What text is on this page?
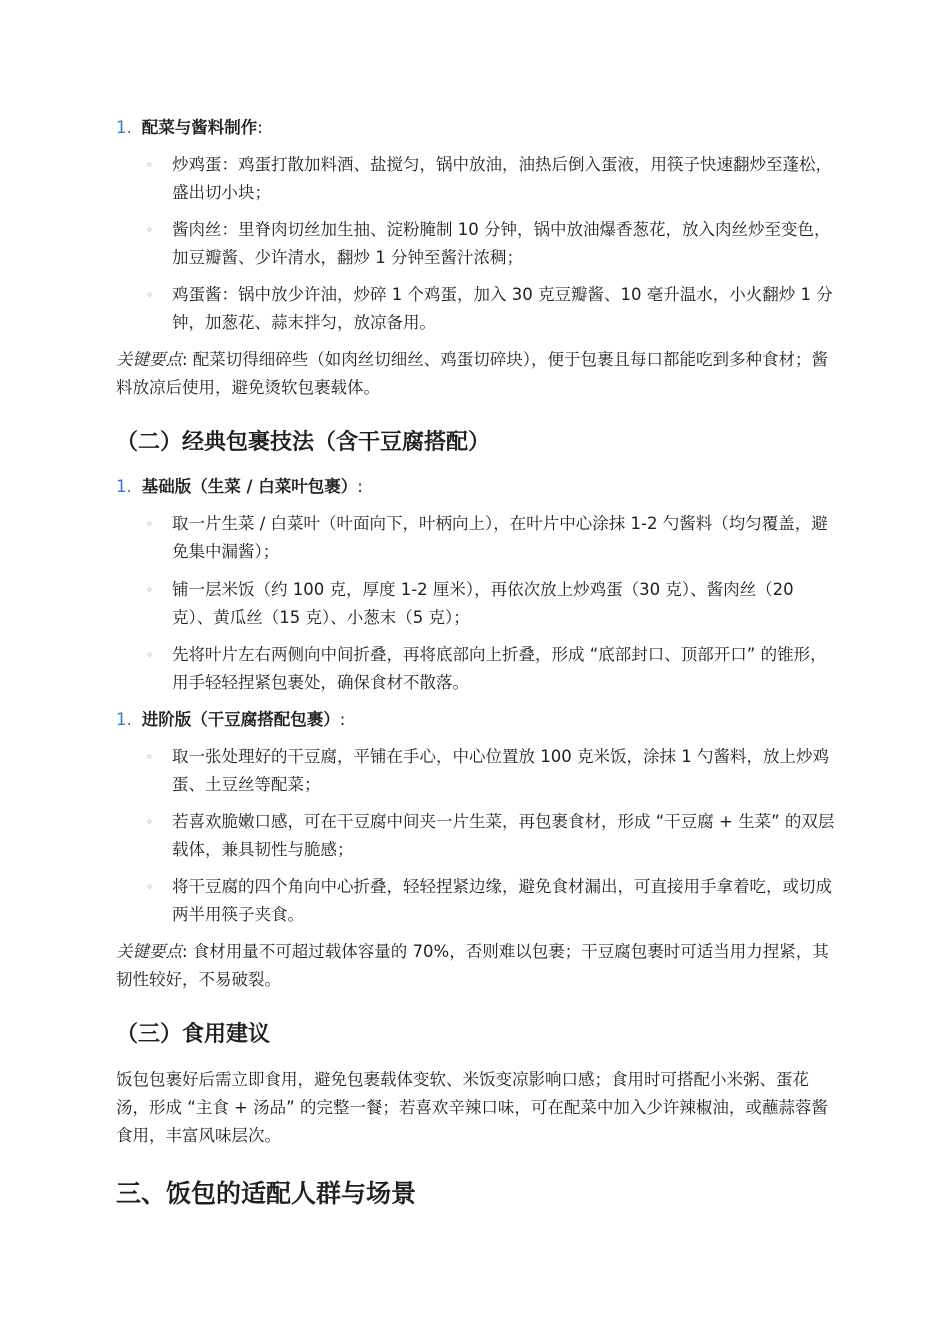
1. 配菜与酱料制作:

◦ 炒鸡蛋：鸡蛋打散加料酒、盐搅匀，锅中放油，油热后倒入蛋液，用筷子快速翻炒至蓬松，盛出切小块；

◦ 酱肉丝：里脊肉切丝加生抽、淀粉腌制 10 分钟，锅中放油爆香葱花，放入肉丝炒至变色，加豆瓣酱、少许清水，翻炒 1 分钟至酱汁浓稠；

◦ 鸡蛋酱：锅中放少许油，炒碎 1 个鸡蛋，加入 30 克豆瓣酱、10 毫升温水，小火翻炒 1 分钟，加葱花、蒜末拌匀，放凉备用。

关键要点: 配菜切得细碎些（如肉丝切细丝、鸡蛋切碎块），便于包裹且每口都能吃到多种食材；酱料放凉后使用，避免烫软包裹载体。

（二）经典包裹技法（含干豆腐搭配）

1. 基础版（生菜 / 白菜叶包裹）:

◦ 取一片生菜 / 白菜叶（叶面向下，叶柄向上），在叶片中心涂抹 1-2 勺酱料（均匀覆盖，避免集中漏酱）；

◦ 铺一层米饭（约 100 克，厚度 1-2 厘米），再依次放上炒鸡蛋（30 克）、酱肉丝（20 克）、黄瓜丝（15 克）、小葱末（5 克）；

◦ 先将叶片左右两侧向中间折叠，再将底部向上折叠，形成 “底部封口、顶部开口” 的锥形，用手轻轻捏紧包裹处，确保食材不散落。

1. 进阶版（干豆腐搭配包裹）:

◦ 取一张处理好的干豆腐，平铺在手心，中心位置放 100 克米饭，涂抹 1 勺酱料，放上炒鸡蛋、土豆丝等配菜；

◦ 若喜欢脆嫩口感，可在干豆腐中间夹一片生菜，再包裹食材，形成 “干豆腐 + 生菜” 的双层载体，兼具韧性与脆感；

◦ 将干豆腐的四个角向中心折叠，轻轻捏紧边缘，避免食材漏出，可直接用手拿着吃，或切成两半用筷子夹食。

关键要点: 食材用量不可超过载体容量的 70%，否则难以包裹；干豆腐包裹时可适当用力捏紧，其韧性较好，不易破裂。

（三）食用建议

饭包包裹好后需立即食用，避免包裹载体变软、米饭变凉影响口感；食用时可搭配小米粥、蛋花汤，形成 “主食 + 汤品” 的完整一餐；若喜欢辛辣口味，可在配菜中加入少许辣椒油，或蘸蒜蓉酱食用，丰富风味层次。

三、饭包的适配人群与场景
